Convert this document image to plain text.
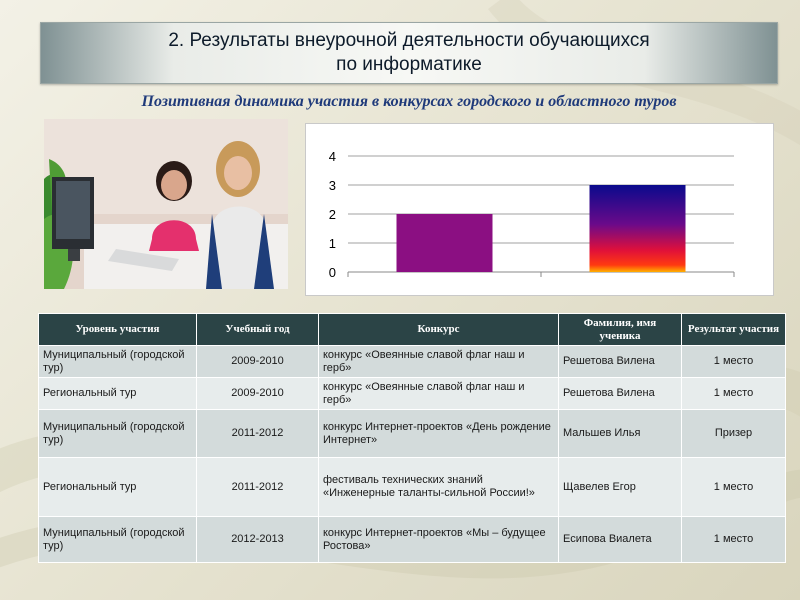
2. Результаты внеурочной деятельности обучающихся
по информатике
Позитивная динамика участия в конкурсах городского и областного туров
0
1
2
3
4
Уровень участия	Учебный год	Конкурс	Фамилия, имя ученика	Результат участия
Муниципальный (городской тур)	2009-2010	конкурс «Овеянные славой флаг наш и герб»	Решетова Вилена	1 место
Региональный тур	2009-2010	конкурс «Овеянные славой флаг наш и герб»	Решетова Вилена	1 место
Муниципальный (городской тур)	2011-2012	конкурс Интернет-проектов «День рождение Интернет»	Мальшев Илья	Призер
Региональный тур	2011-2012	фестиваль технических знаний «Инженерные таланты-сильной России!»	Щавелев Егор	1 место
Муниципальный (городской тур)	2012-2013	конкурс Интернет-проектов «Мы – будущее Ростова»	Есипова Виалета	1 место
